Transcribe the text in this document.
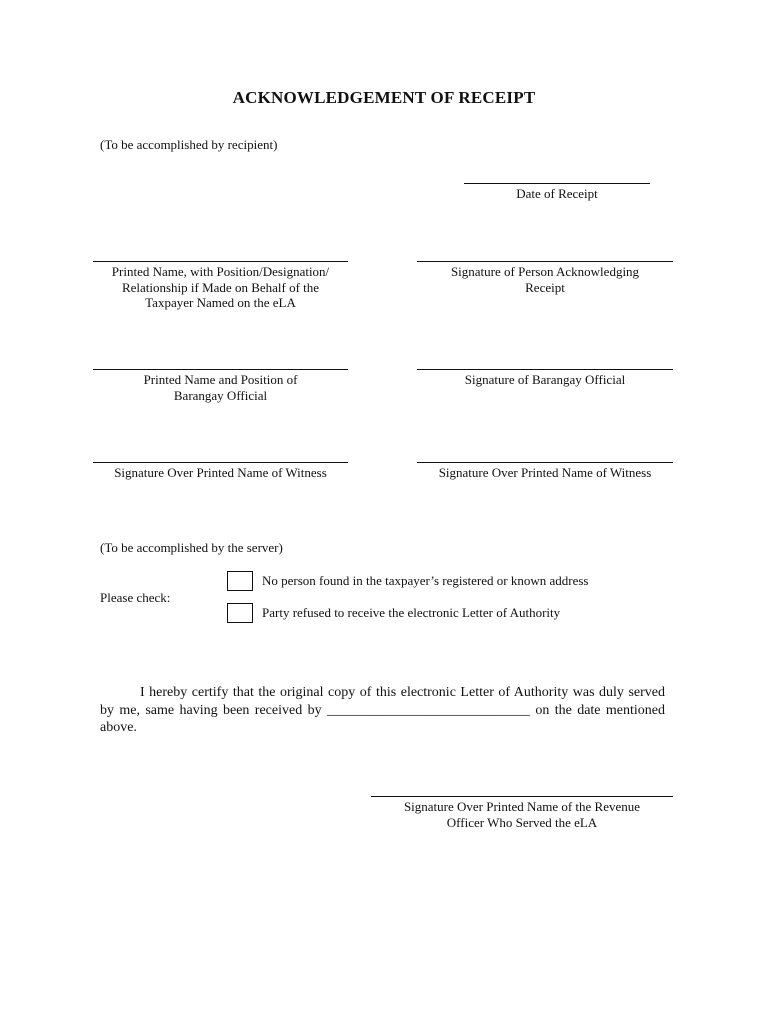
ACKNOWLEDGEMENT OF RECEIPT
(To be accomplished by recipient)
Date of Receipt
Printed Name, with Position/Designation/ Relationship if Made on Behalf of the Taxpayer Named on the eLA
Signature of Person Acknowledging Receipt
Printed Name and Position of Barangay Official
Signature of Barangay Official
Signature Over Printed Name of Witness	Signature Over Printed Name of Witness
(To be accomplished by the server)
Please check:
No person found in the taxpayer’s registered or known address
Party refused to receive the electronic Letter of Authority
I hereby certify that the original copy of this electronic Letter of Authority was duly served by me, same having been received by _____________________________ on the date mentioned above.
Signature Over Printed Name of the Revenue Officer Who Served the eLA
